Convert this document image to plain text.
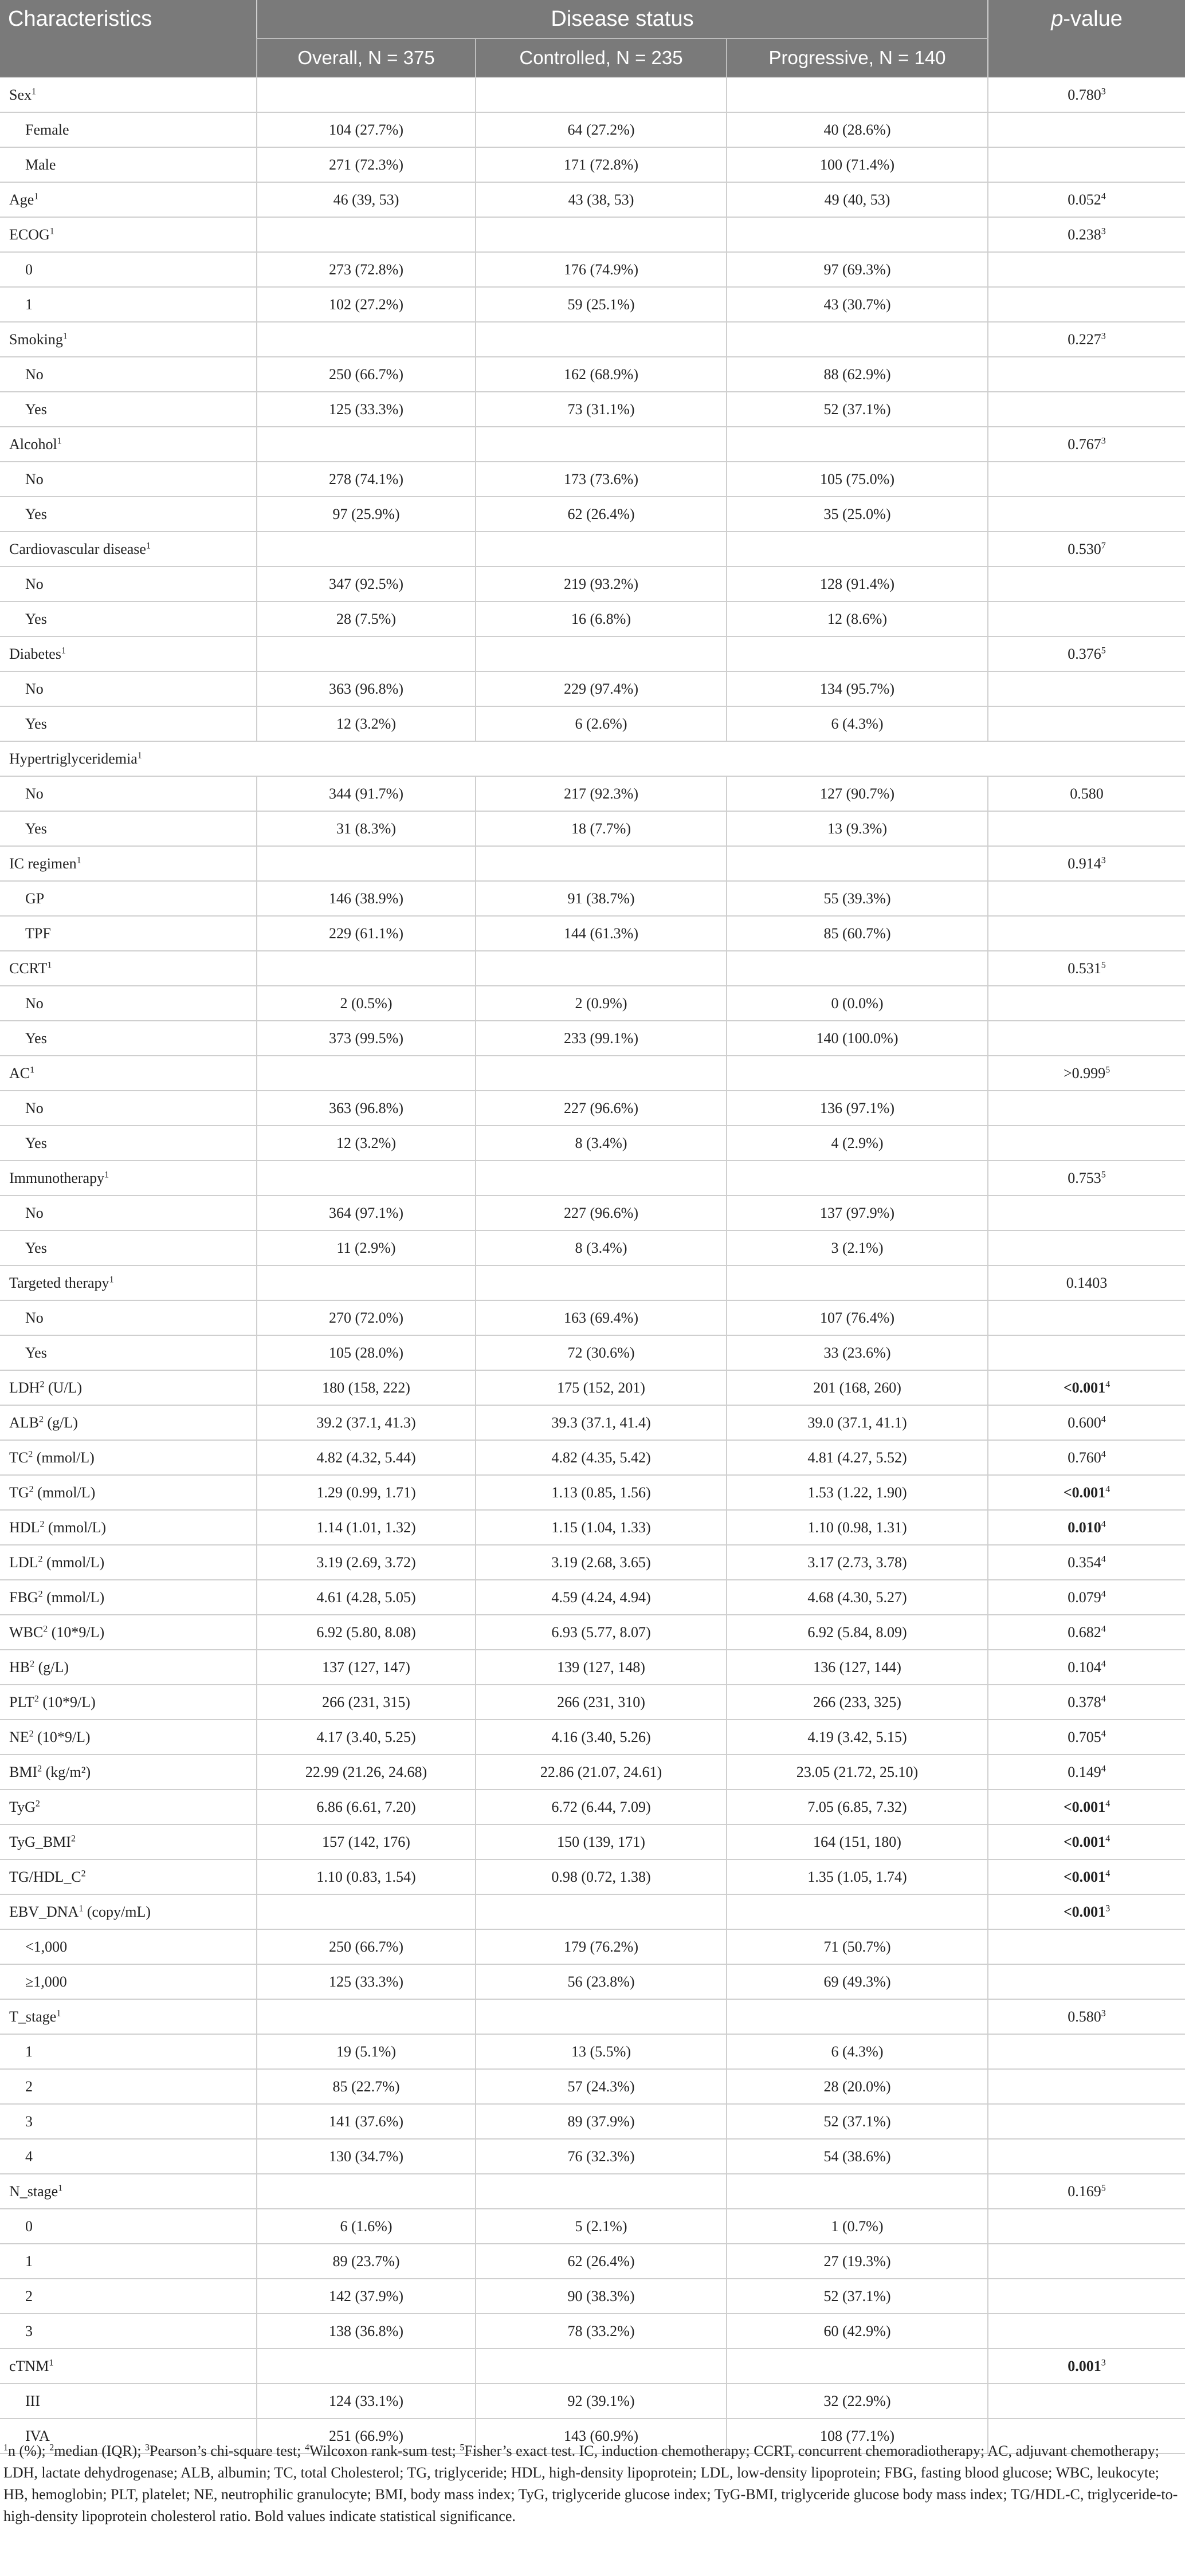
Characteristics	Disease status			p-value
	Overall, N = 375	Controlled, N = 235	Progressive, N = 140	
Sex$^1$				0.780$^3$
Female	104 (27.7%)	64 (27.2%)	40 (28.6%)	
Male	271 (72.3%)	171 (72.8%)	100 (71.4%)	
Age$^1$	46 (39, 53)	43 (38, 53)	49 (40, 53)	0.052$^4$
ECOG$^1$				0.238$^3$
0	273 (72.8%)	176 (74.9%)	97 (69.3%)	
1	102 (27.2%)	59 (25.1%)	43 (30.7%)	
Smoking$^1$				0.227$^3$
No	250 (66.7%)	162 (68.9%)	88 (62.9%)	
Yes	125 (33.3%)	73 (31.1%)	52 (37.1%)	
Alcohol$^1$				0.767$^3$
No	278 (74.1%)	173 (73.6%)	105 (75.0%)	
Yes	97 (25.9%)	62 (26.4%)	35 (25.0%)	
Cardiovascular disease$^1$				0.530$^7$
No	347 (92.5%)	219 (93.2%)	128 (91.4%)	
Yes	28 (7.5%)	16 (6.8%)	12 (8.6%)	
Diabetes$^1$				0.376$^5$
No	363 (96.8%)	229 (97.4%)	134 (95.7%)	
Yes	12 (3.2%)	6 (2.6%)	6 (4.3%)	
Hypertriglyceridemia$^1$
No	344 (91.7%)	217 (92.3%)	127 (90.7%)	0.580
Yes	31 (8.3%)	18 (7.7%)	13 (9.3%)	
IC regimen$^1$				0.914$^3$
GP	146 (38.9%)	91 (38.7%)	55 (39.3%)	
TPF	229 (61.1%)	144 (61.3%)	85 (60.7%)	
CCRT$^1$				0.531$^5$
No	2 (0.5%)	2 (0.9%)	0 (0.0%)	
Yes	373 (99.5%)	233 (99.1%)	140 (100.0%)	
$AC^1$				$>0.999^5$
No	363 (96.8%)	227 (96.6%)	136 (97.1%)	
Yes	12 (3.2%)	8 (3.4%)	4 (2.9%)	
Immunotherapy$^1$				0.753$^5$
No	364 (97.1%)	227 (96.6%)	137 (97.9%)	
Yes	11 (2.9%)	8 (3.4%)	3 (2.1%)	
Targeted therapy$^1$				0.1403
No	270 (72.0%)	163 (69.4%)	107 (76.4%)	
Yes	105 (28.0%)	72 (30.6%)	33 (23.6%)	
LDH$^2$ (U/L)	180 (158, 222)	175 (152, 201)	201 (168, 260)	$<0.001^4$
ALB$^2$ (g/L)	39.2 (37.1, 41.3)	39.3 (37.1, 41.4)	39.0 (37.1, 41.1)	0.600$^4$
$TC^2$ (mmol/L)	4.82 (4.32, 5.44)	4.82 (4.35, 5.42)	4.81 (4.27, 5.52)	0.760$^4$
$TG^2$ (mmol/L)	1.29 (0.99, 1.71)	1.13 (0.85, 1.56)	1.53 (1.22, 1.90)	$<0.001^4$
HDL$^2$ (mmol/L)	1.14 (1.01, 1.32)	1.15 (1.04, 1.33)	1.10 (0.98, 1.31)	0.010$^4$
LDL$^2$ (mmol/L)	3.19 (2.69, 3.72)	3.19 (2.68, 3.65)	3.17 (2.73, 3.78)	0.354$^4$
FBG$^2$ (mmol/L)	4.61 (4.28, 5.05)	4.59 (4.24, 4.94)	4.68 (4.30, 5.27)	0.079$^4$
WBC$^2$ (10*9/L)	6.92 (5.80, 8.08)	6.93 (5.77, 8.07)	6.92 (5.84, 8.09)	0.682$^4$
$HB^2$ (g/L)	137 (127, 147)	139 (127, 148)	136 (127, 144)	0.104$^4$
PLT$^2$ (10*9/L)	266 (231, 315)	266 (231, 310)	266 (233, 325)	0.378$^4$
$NE^2$ (10*9/L)	4.17 (3.40, 5.25)	4.16 (3.40, 5.26)	4.19 (3.42, 5.15)	0.705$^4$
BMI$^2$ (kg/m²)	22.99 (21.26, 24.68)	22.86 (21.07, 24.61)	23.05 (21.72, 25.10)	0.149$^4$
TyG$^2$	6.86 (6.61, 7.20)	6.72 (6.44, 7.09)	7.05 (6.85, 7.32)	$<0.001^4$
TyG_BMI$^2$	157 (142, 176)	150 (139, 171)	164 (151, 180)	$<0.001^4$
$TG/HDL\_C^2$	1.10 (0.83, 1.54)	0.98 (0.72, 1.38)	1.35 (1.05, 1.74)	$<0.001^4$
EBV_DNA$^1$ (copy/mL)				$<0.001^3$
<1,000	250 (66.7%)	179 (76.2%)	71 (50.7%)	
≥1,000	125 (33.3%)	56 (23.8%)	69 (49.3%)	
T_stage$^1$				0.580$^3$
1	19 (5.1%)	13 (5.5%)	6 (4.3%)	
2	85 (22.7%)	57 (24.3%)	28 (20.0%)	
3	141 (37.6%)	89 (37.9%)	52 (37.1%)	
4	130 (34.7%)	76 (32.3%)	54 (38.6%)	
N_stage$^1$				0.169$^5$
0	6 (1.6%)	5 (2.1%)	1 (0.7%)	
1	89 (23.7%)	62 (26.4%)	27 (19.3%)	
2	142 (37.9%)	90 (38.3%)	52 (37.1%)	
3	138 (36.8%)	78 (33.2%)	60 (42.9%)	
cTNM$^1$				0.001$^3$
III	124 (33.1%)	92 (39.1%)	32 (22.9%)	
IVA	251 (66.9%)	143 (60.9%)	108 (77.1%)	
$^1$n (%); $^2$median (IQR); $^3$Pearson’s chi-square test; $^4$Wilcoxon rank-sum test; $^5$Fisher’s exact test. IC, induction chemotherapy; CCRT, concurrent chemoradiotherapy; AC, adjuvant chemotherapy; LDH, lactate dehydrogenase; ALB, albumin; TC, total Cholesterol; TG, triglyceride; HDL, high-density lipoprotein; LDL, low-density lipoprotein; FBG, fasting blood glucose; WBC, leukocyte; HB, hemoglobin; PLT, platelet; NE, neutrophilic granulocyte; BMI, body mass index; TyG, triglyceride glucose index; TyG-BMI, triglyceride glucose body mass index; TG/HDL-C, triglyceride-to-high-density lipoprotein cholesterol ratio. Bold values indicate statistical significance.
